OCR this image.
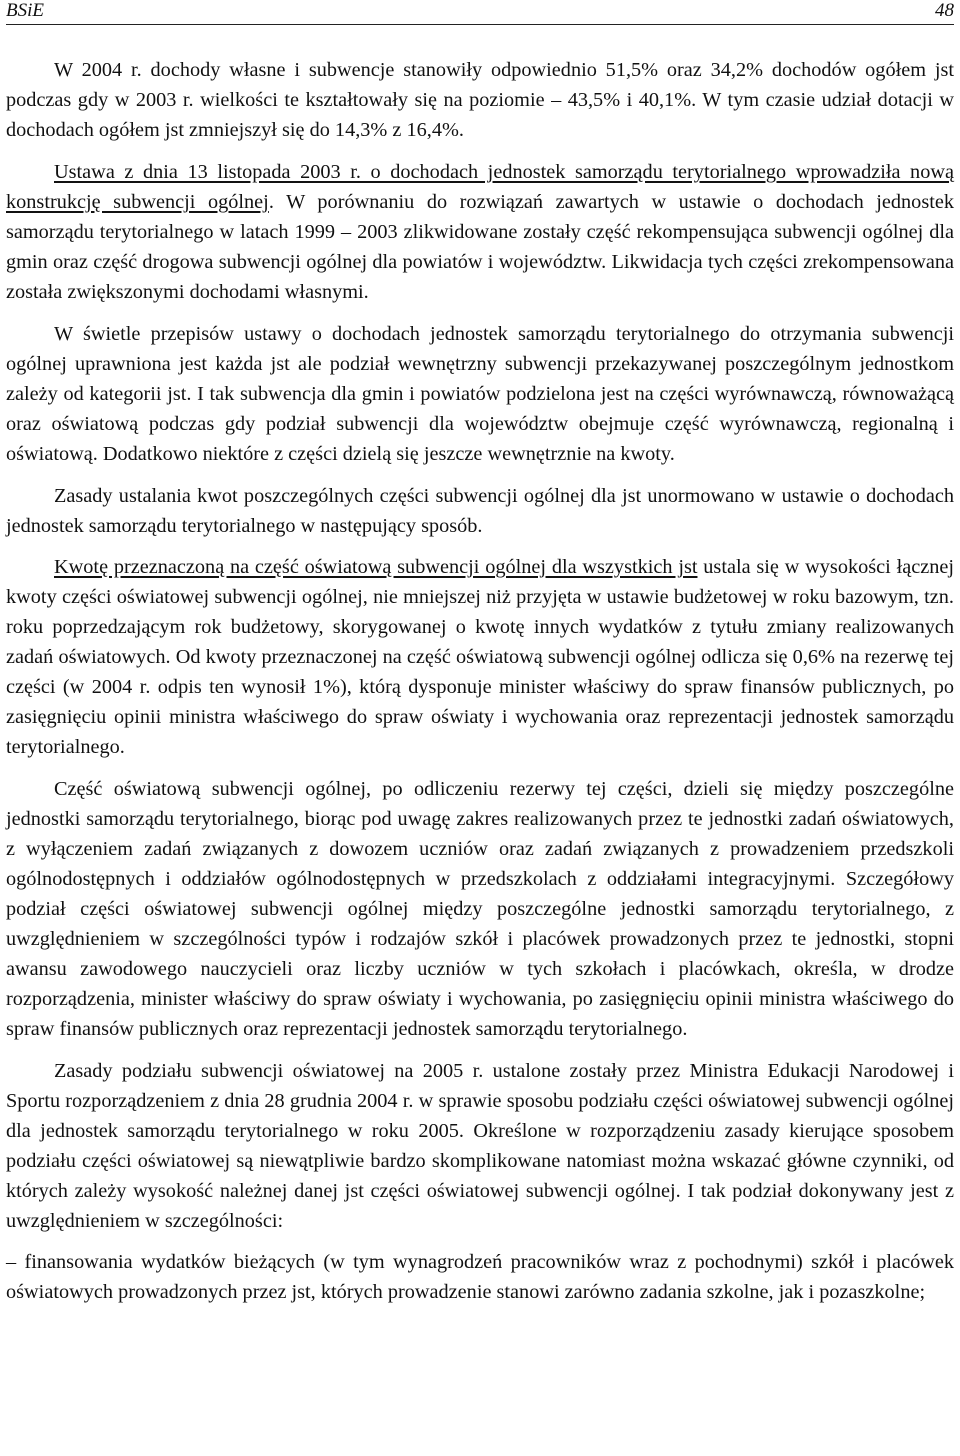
BSiE	48

W 2004 r. dochody własne i subwencje stanowiły odpowiednio 51,5% oraz 34,2% dochodów ogółem jst podczas gdy w 2003 r. wielkości te kształtowały się na poziomie – 43,5% i 40,1%. W tym czasie udział dotacji w dochodach ogółem jst zmniejszył się do 14,3% z 16,4%.

Ustawa z dnia 13 listopada 2003 r. o dochodach jednostek samorządu terytorialnego wprowadziła nową konstrukcję subwencji ogólnej. W porównaniu do rozwiązań zawartych w ustawie o dochodach jednostek samorządu terytorialnego w latach 1999 – 2003 zlikwidowane zostały część rekompensująca subwencji ogólnej dla gmin oraz część drogowa subwencji ogólnej dla powiatów i województw. Likwidacja tych części zrekompensowana została zwiększonymi dochodami własnymi.

W świetle przepisów ustawy o dochodach jednostek samorządu terytorialnego do otrzymania subwencji ogólnej uprawniona jest każda jst ale podział wewnętrzny subwencji przekazywanej poszczególnym jednostkom zależy od kategorii jst. I tak subwencja dla gmin i powiatów podzielona jest na części wyrównawczą, równoważącą oraz oświatową podczas gdy podział subwencji dla województw obejmuje część wyrównawczą, regionalną i oświatową. Dodatkowo niektóre z części dzielą się jeszcze wewnętrznie na kwoty.

Zasady ustalania kwot poszczególnych części subwencji ogólnej dla jst unormowano w ustawie o dochodach jednostek samorządu terytorialnego w następujący sposób.

Kwotę przeznaczoną na część oświatową subwencji ogólnej dla wszystkich jst ustala się w wysokości łącznej kwoty części oświatowej subwencji ogólnej, nie mniejszej niż przyjęta w ustawie budżetowej w roku bazowym, tzn. roku poprzedzającym rok budżetowy, skorygowanej o kwotę innych wydatków z tytułu zmiany realizowanych zadań oświatowych. Od kwoty przeznaczonej na część oświatową subwencji ogólnej odlicza się 0,6% na rezerwę tej części (w 2004 r. odpis ten wynosił 1%), którą dysponuje minister właściwy do spraw finansów publicznych, po zasięgnięciu opinii ministra właściwego do spraw oświaty i wychowania oraz reprezentacji jednostek samorządu terytorialnego.

Część oświatową subwencji ogólnej, po odliczeniu rezerwy tej części, dzieli się między poszczególne jednostki samorządu terytorialnego, biorąc pod uwagę zakres realizowanych przez te jednostki zadań oświatowych, z wyłączeniem zadań związanych z dowozem uczniów oraz zadań związanych z prowadzeniem przedszkoli ogólnodostępnych i oddziałów ogólnodostępnych w przedszkolach z oddziałami integracyjnymi. Szczegółowy podział części oświatowej subwencji ogólnej między poszczególne jednostki samorządu terytorialnego, z uwzględnieniem w szczególności typów i rodzajów szkół i placówek prowadzonych przez te jednostki, stopni awansu zawodowego nauczycieli oraz liczby uczniów w tych szkołach i placówkach, określa, w drodze rozporządzenia, minister właściwy do spraw oświaty i wychowania, po zasięgnięciu opinii ministra właściwego do spraw finansów publicznych oraz reprezentacji jednostek samorządu terytorialnego.

Zasady podziału subwencji oświatowej na 2005 r. ustalone zostały przez Ministra Edukacji Narodowej i Sportu rozporządzeniem z dnia 28 grudnia 2004 r. w sprawie sposobu podziału części oświatowej subwencji ogólnej dla jednostek samorządu terytorialnego w roku 2005. Określone w rozporządzeniu zasady kierujące sposobem podziału części oświatowej są niewątpliwie bardzo skomplikowane natomiast można wskazać główne czynniki, od których zależy wysokość należnej danej jst części oświatowej subwencji ogólnej. I tak podział dokonywany jest z uwzględnieniem w szczególności:

– finansowania wydatków bieżących (w tym wynagrodzeń pracowników wraz z pochodnymi) szkół i placówek oświatowych prowadzonych przez jst, których prowadzenie stanowi zarówno zadania szkolne, jak i pozaszkolne;
